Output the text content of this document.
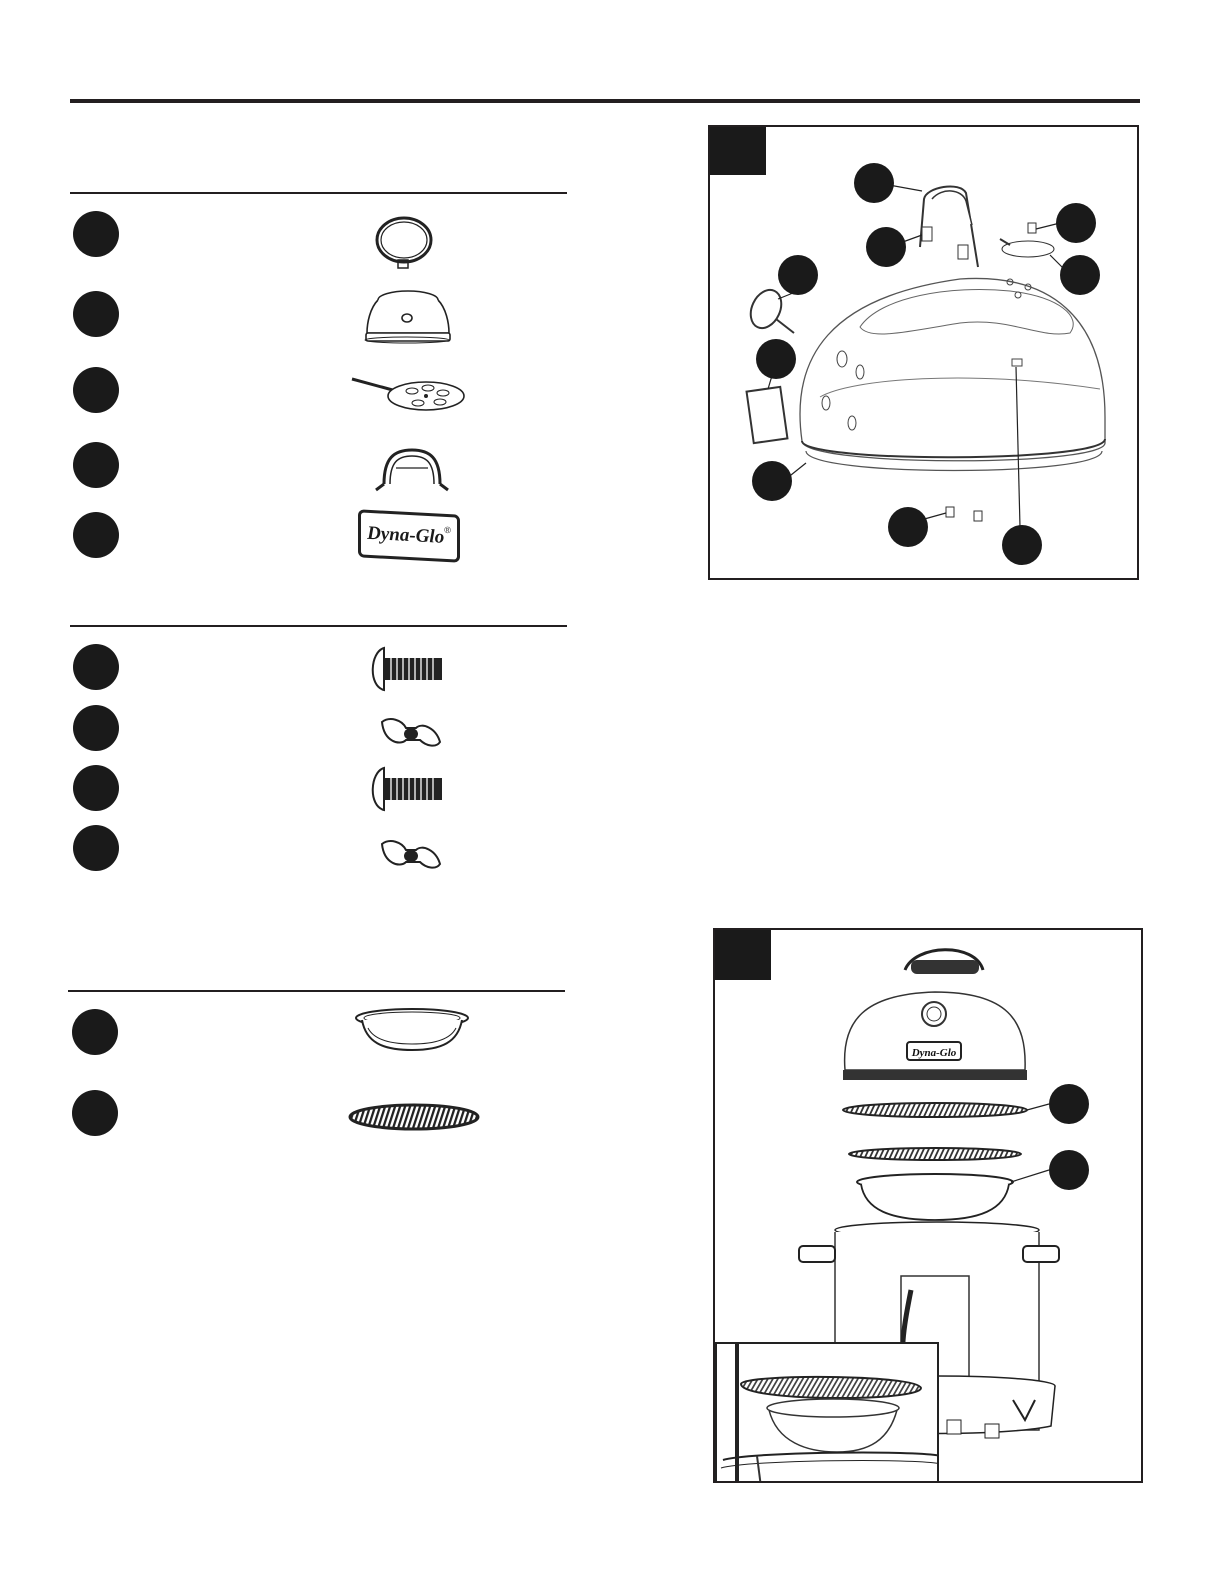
Dyna-Glo ®
Dyna-Glo
